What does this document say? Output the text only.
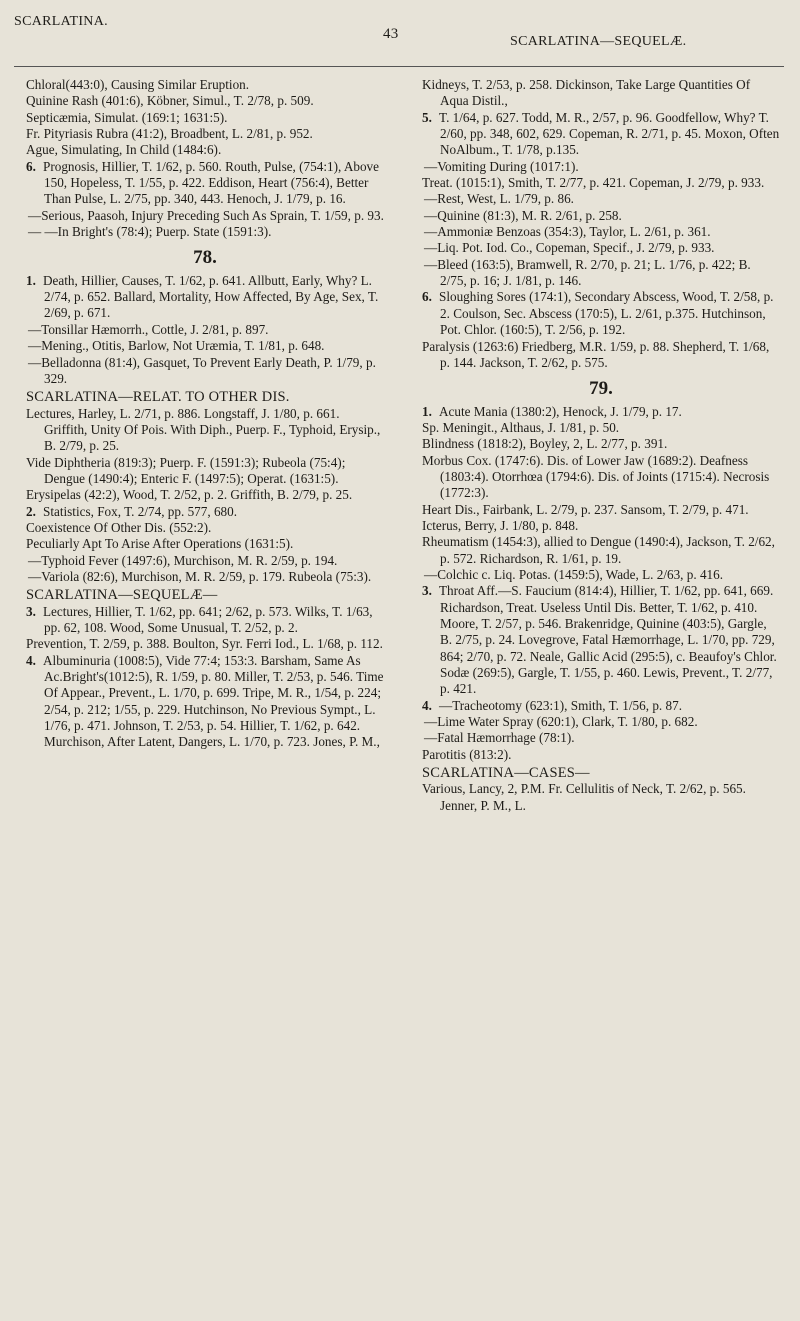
SCARLATINA.
43	SCARLATINA—SEQUELÆ.

Chloral(443:0), Causing Similar Eruption.

Quinine Rash (401:6), Köbner, Simul., T. 2/78, p. 509.

Septicæmia, Simulat. (169:1; 1631:5).

Fr. Pityriasis Rubra (41:2), Broadbent, L. 2/81, p. 952.

Ague, Simulating, In Child (1484:6).

6. Prognosis, Hillier, T. 1/62, p. 560. Routh, Pulse, (754:1), Above 150, Hopeless, T. 1/55, p. 422. Eddison, Heart (756:4), Better Than Pulse, L. 2/75, pp. 340, 443. Henoch, J. 1/79, p. 16.

—Serious, Paasoh, Injury Preceding Such As Sprain, T. 1/59, p. 93.

— —In Bright's (78:4); Puerp. State (1591:3).

78.

1. Death, Hillier, Causes, T. 1/62, p. 641. Allbutt, Early, Why? L. 2/74, p. 652. Ballard, Mortality, How Affected, By Age, Sex, T. 2/69, p. 671.

—Tonsillar Hæmorrh., Cottle, J. 2/81, p. 897.

—Mening., Otitis, Barlow, Not Uræmia, T. 1/81, p. 648.

—Belladonna (81:4), Gasquet, To Prevent Early Death, P. 1/79, p. 329.

SCARLATINA—RELAT. TO OTHER DIS.

Lectures, Harley, L. 2/71, p. 886. Longstaff, J. 1/80, p. 661. Griffith, Unity Of Pois. With Diph., Puerp. F., Typhoid, Erysip., B. 2/79, p. 25.

Vide Diphtheria (819:3); Puerp. F. (1591:3); Rubeola (75:4); Dengue (1490:4); Enteric F. (1497:5); Operat. (1631:5).

Erysipelas (42:2), Wood, T. 2/52, p. 2. Griffith, B. 2/79, p. 25.

2. Statistics, Fox, T. 2/74, pp. 577, 680.

Coexistence Of Other Dis. (552:2).

Peculiarly Apt To Arise After Operations (1631:5).

—Typhoid Fever (1497:6), Murchison, M. R. 2/59, p. 194.

—Variola (82:6), Murchison, M. R. 2/59, p. 179. Rubeola (75:3).

SCARLATINA—SEQUELÆ—

3. Lectures, Hillier, T. 1/62, pp. 641; 2/62, p. 573. Wilks, T. 1/63, pp. 62, 108. Wood, Some Unusual, T. 2/52, p. 2.

Prevention, T. 2/59, p. 388. Boulton, Syr. Ferri Iod., L. 1/68, p. 112.

4. Albuminuria (1008:5), Vide 77:4; 153:3. Barsham, Same As Ac.Bright's(1012:5), R. 1/59, p. 80. Miller, T. 2/53, p. 546. Time Of Appear., Prevent., L. 1/70, p. 699. Tripe, M. R., 1/54, p. 224; 2/54, p. 212; 1/55, p. 229. Hutchinson, No Previous Sympt., L. 1/76, p. 471. Johnson, T. 2/53, p. 54. Hillier, T. 1/62, p. 642. Murchison, After Latent, Dangers, L. 1/70, p. 723. Jones, P. M.,

Kidneys, T. 2/53, p. 258. Dickinson, Take Large Quantities Of Aqua Distil.,

5. T. 1/64, p. 627. Todd, M. R., 2/57, p. 96. Goodfellow, Why? T. 2/60, pp. 348, 602, 629. Copeman, R. 2/71, p. 45. Moxon, Often NoAlbum., T. 1/78, p.135.

—Vomiting During (1017:1).

Treat. (1015:1), Smith, T. 2/77, p. 421. Copeman, J. 2/79, p. 933.

—Rest, West, L. 1/79, p. 86.

—Quinine (81:3), M. R. 2/61, p. 258.

—Ammoniæ Benzoas (354:3), Taylor, L. 2/61, p. 361.

—Liq. Pot. Iod. Co., Copeman, Specif., J. 2/79, p. 933.

—Bleed (163:5), Bramwell, R. 2/70, p. 21; L. 1/76, p. 422; B. 2/75, p. 16; J. 1/81, p. 146.

6. Sloughing Sores (174:1), Secondary Abscess, Wood, T. 2/58, p. 2. Coulson, Sec. Abscess (170:5), L. 2/61, p.375. Hutchinson, Pot. Chlor. (160:5), T. 2/56, p. 192.

Paralysis (1263:6) Friedberg, M.R. 1/59, p. 88. Shepherd, T. 1/68, p. 144. Jackson, T. 2/62, p. 575.

79.

1. Acute Mania (1380:2), Henock, J. 1/79, p. 17.

Sp. Meningit., Althaus, J. 1/81, p. 50.

Blindness (1818:2), Boyley, 2, L. 2/77, p. 391.

Morbus Cox. (1747:6). Dis. of Lower Jaw (1689:2). Deafness (1803:4). Otorrhœa (1794:6). Dis. of Joints (1715:4). Necrosis (1772:3).

Heart Dis., Fairbank, L. 2/79, p. 237. Sansom, T. 2/79, p. 471.

Icterus, Berry, J. 1/80, p. 848.

Rheumatism (1454:3), allied to Dengue (1490:4), Jackson, T. 2/62, p. 572. Richardson, R. 1/61, p. 19.

—Colchic c. Liq. Potas. (1459:5), Wade, L. 2/63, p. 416.

3. Throat Aff.—S. Faucium (814:4), Hillier, T. 1/62, pp. 641, 669. Richardson, Treat. Useless Until Dis. Better, T. 1/62, p. 410. Moore, T. 2/57, p. 546. Brakenridge, Quinine (403:5), Gargle, B. 2/75, p. 24. Lovegrove, Fatal Hæmorrhage, L. 1/70, pp. 729, 864; 2/70, p. 72. Neale, Gallic Acid (295:5), c. Beaufoy's Chlor. Sodæ (269:5), Gargle, T. 1/55, p. 460. Lewis, Prevent., T. 2/77, p. 421.

4. —Tracheotomy (623:1), Smith, T. 1/56, p. 87.

—Lime Water Spray (620:1), Clark, T. 1/80, p. 682.

—Fatal Hæmorrhage (78:1).

Parotitis (813:2).

SCARLATINA—CASES—

Various, Lancy, 2, P.M. Fr. Cellulitis of Neck, T. 2/62, p. 565. Jenner, P. M., L.
